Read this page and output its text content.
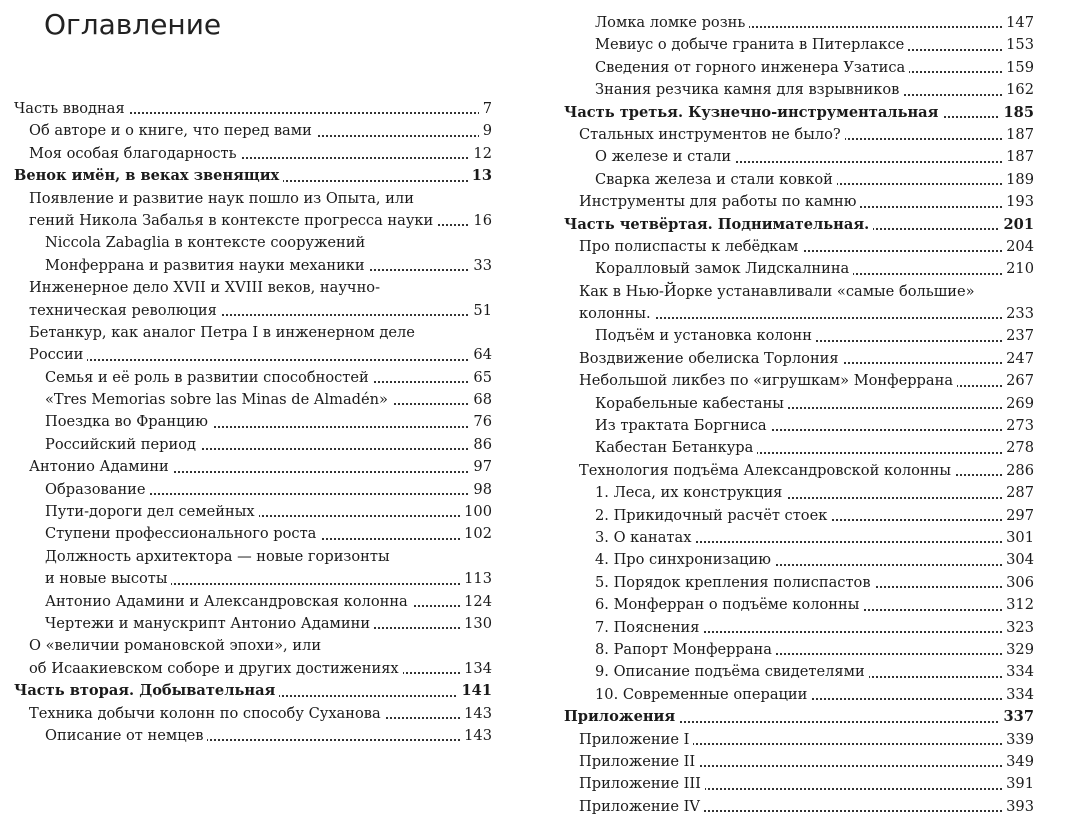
Оглавление
Часть вводная	7
Об авторе и о книге, что перед вами	9
Моя особая благодарность	12
Венок имён, в веках звенящих	13
Появление и развитие наук пошло из Опыта, или
гений Никола Забалья в контексте прогресса науки	16
Niccola Zabaglia в контексте сооружений
Монферрана и развития науки механики	33
Инженерное дело XVII и XVIII веков, научно-
техническая революция	51
Бетанкур, как аналог Петра I в инженерном деле
России	64
Семья и её роль в развитии способностей	65
«Tres Memorias sobre las Minas de Almadén»	68
Поездка во Францию	76
Российский период	86
Антонио Адамини	97
Образование	98
Пути-дороги дел семейных	100
Ступени профессионального роста	102
Должность архитектора — новые горизонты
и новые высоты	113
Антонио Адамини и Александровская колонна	124
Чертежи и манускрипт Антонио Адамини	130
О «величии романовской эпохи», или
об Исаакиевском соборе и других достижениях	134
Часть вторая. Добывательная	141
Техника добычи колонн по способу Суханова	143
Описание от немцев	143
Ломка ломке рознь	147
Мевиус о добыче гранита в Питерлаксе	153
Сведения от горного инженера Узатиса	159
Знания резчика камня для взрывников	162
Часть третья. Кузнечно-инструментальная	185
Стальных инструментов не было?	187
О железе и стали	187
Сварка железа и стали ковкой	189
Инструменты для работы по камню	193
Часть четвёртая. Поднимательная.	201
Про полиспасты к лебёдкам	204
Коралловый замок Лидскалнина	210
Как в Нью-Йорке устанавливали «самые большие»
колонны.	233
Подъём и установка колонн	237
Воздвижение обелиска Торлония	247
Небольшой ликбез по «игрушкам» Монферрана	267
Корабельные кабестаны	269
Из трактата Боргниса	273
Кабестан Бетанкура	278
Технология подъёма Александровской колонны	286
1. Леса, их конструкция	287
2. Прикидочный расчёт стоек	297
3. О канатах	301
4. Про синхронизацию	304
5. Порядок крепления полиспастов	306
6. Монферран о подъёме колонны	312
7. Пояснения	323
8. Рапорт Монферрана	329
9. Описание подъёма свидетелями	334
10. Современные операции	334
Приложения	337
Приложение I	339
Приложение II	349
Приложение III	391
Приложение IV	393
